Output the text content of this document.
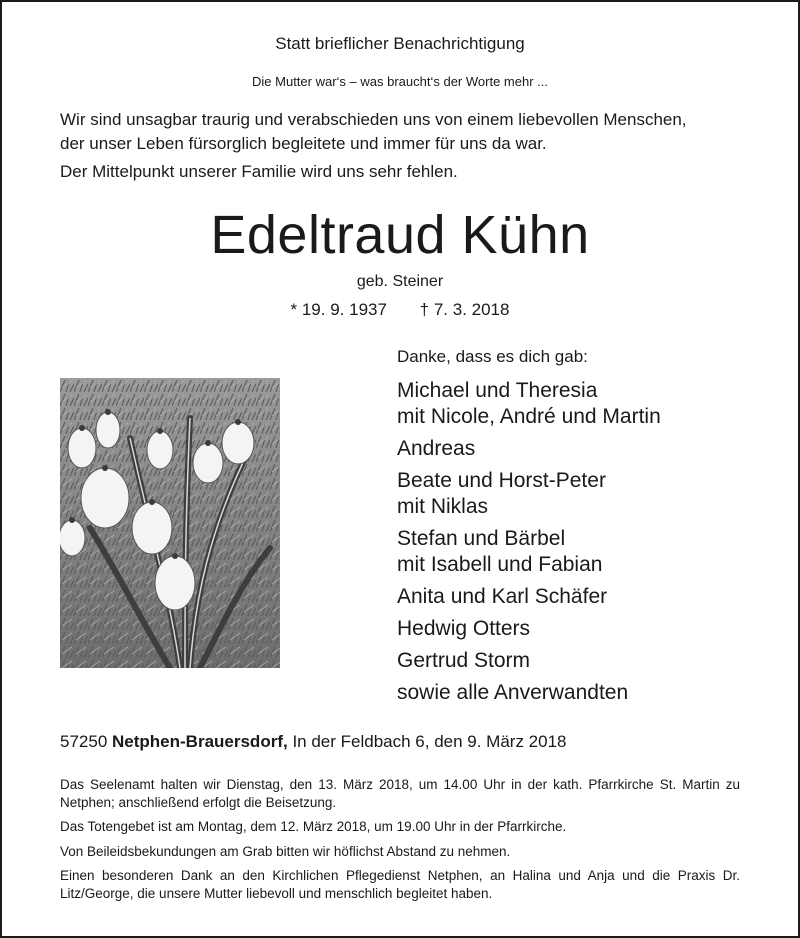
Statt brieflicher Benachrichtigung
Die Mutter war‘s – was braucht‘s der Worte mehr ...
Wir sind unsagbar traurig und verabschieden uns von einem liebevollen Menschen,
der unser Leben fürsorglich begleitete und immer für uns da war.
Der Mittelpunkt unserer Familie wird uns sehr fehlen.
Edeltraud Kühn
geb. Steiner
* 19. 9. 1937 † 7. 3. 2018
Danke, dass es dich gab:
Michael und Theresia
mit Nicole, André und Martin
Andreas
Beate und Horst-Peter
mit Niklas
Stefan und Bärbel
mit Isabell und Fabian
Anita und Karl Schäfer
Hedwig Otters
Gertrud Storm
sowie alle Anverwandten
57250 Netphen-Brauersdorf, In der Feldbach 6, den 9. März 2018

Das Seelenamt halten wir Dienstag, den 13. März 2018, um 14.00 Uhr in der kath. Pfarrkirche St. Martin zu Netphen; anschließend erfolgt die Beisetzung.

Das Totengebet ist am Montag, dem 12. März 2018, um 19.00 Uhr in der Pfarrkirche.

Von Beileidsbekundungen am Grab bitten wir höflichst Abstand zu nehmen.

Einen besonderen Dank an den Kirchlichen Pflegedienst Netphen, an Halina und Anja und die Praxis Dr. Litz/George, die unsere Mutter liebevoll und menschlich begleitet haben.
